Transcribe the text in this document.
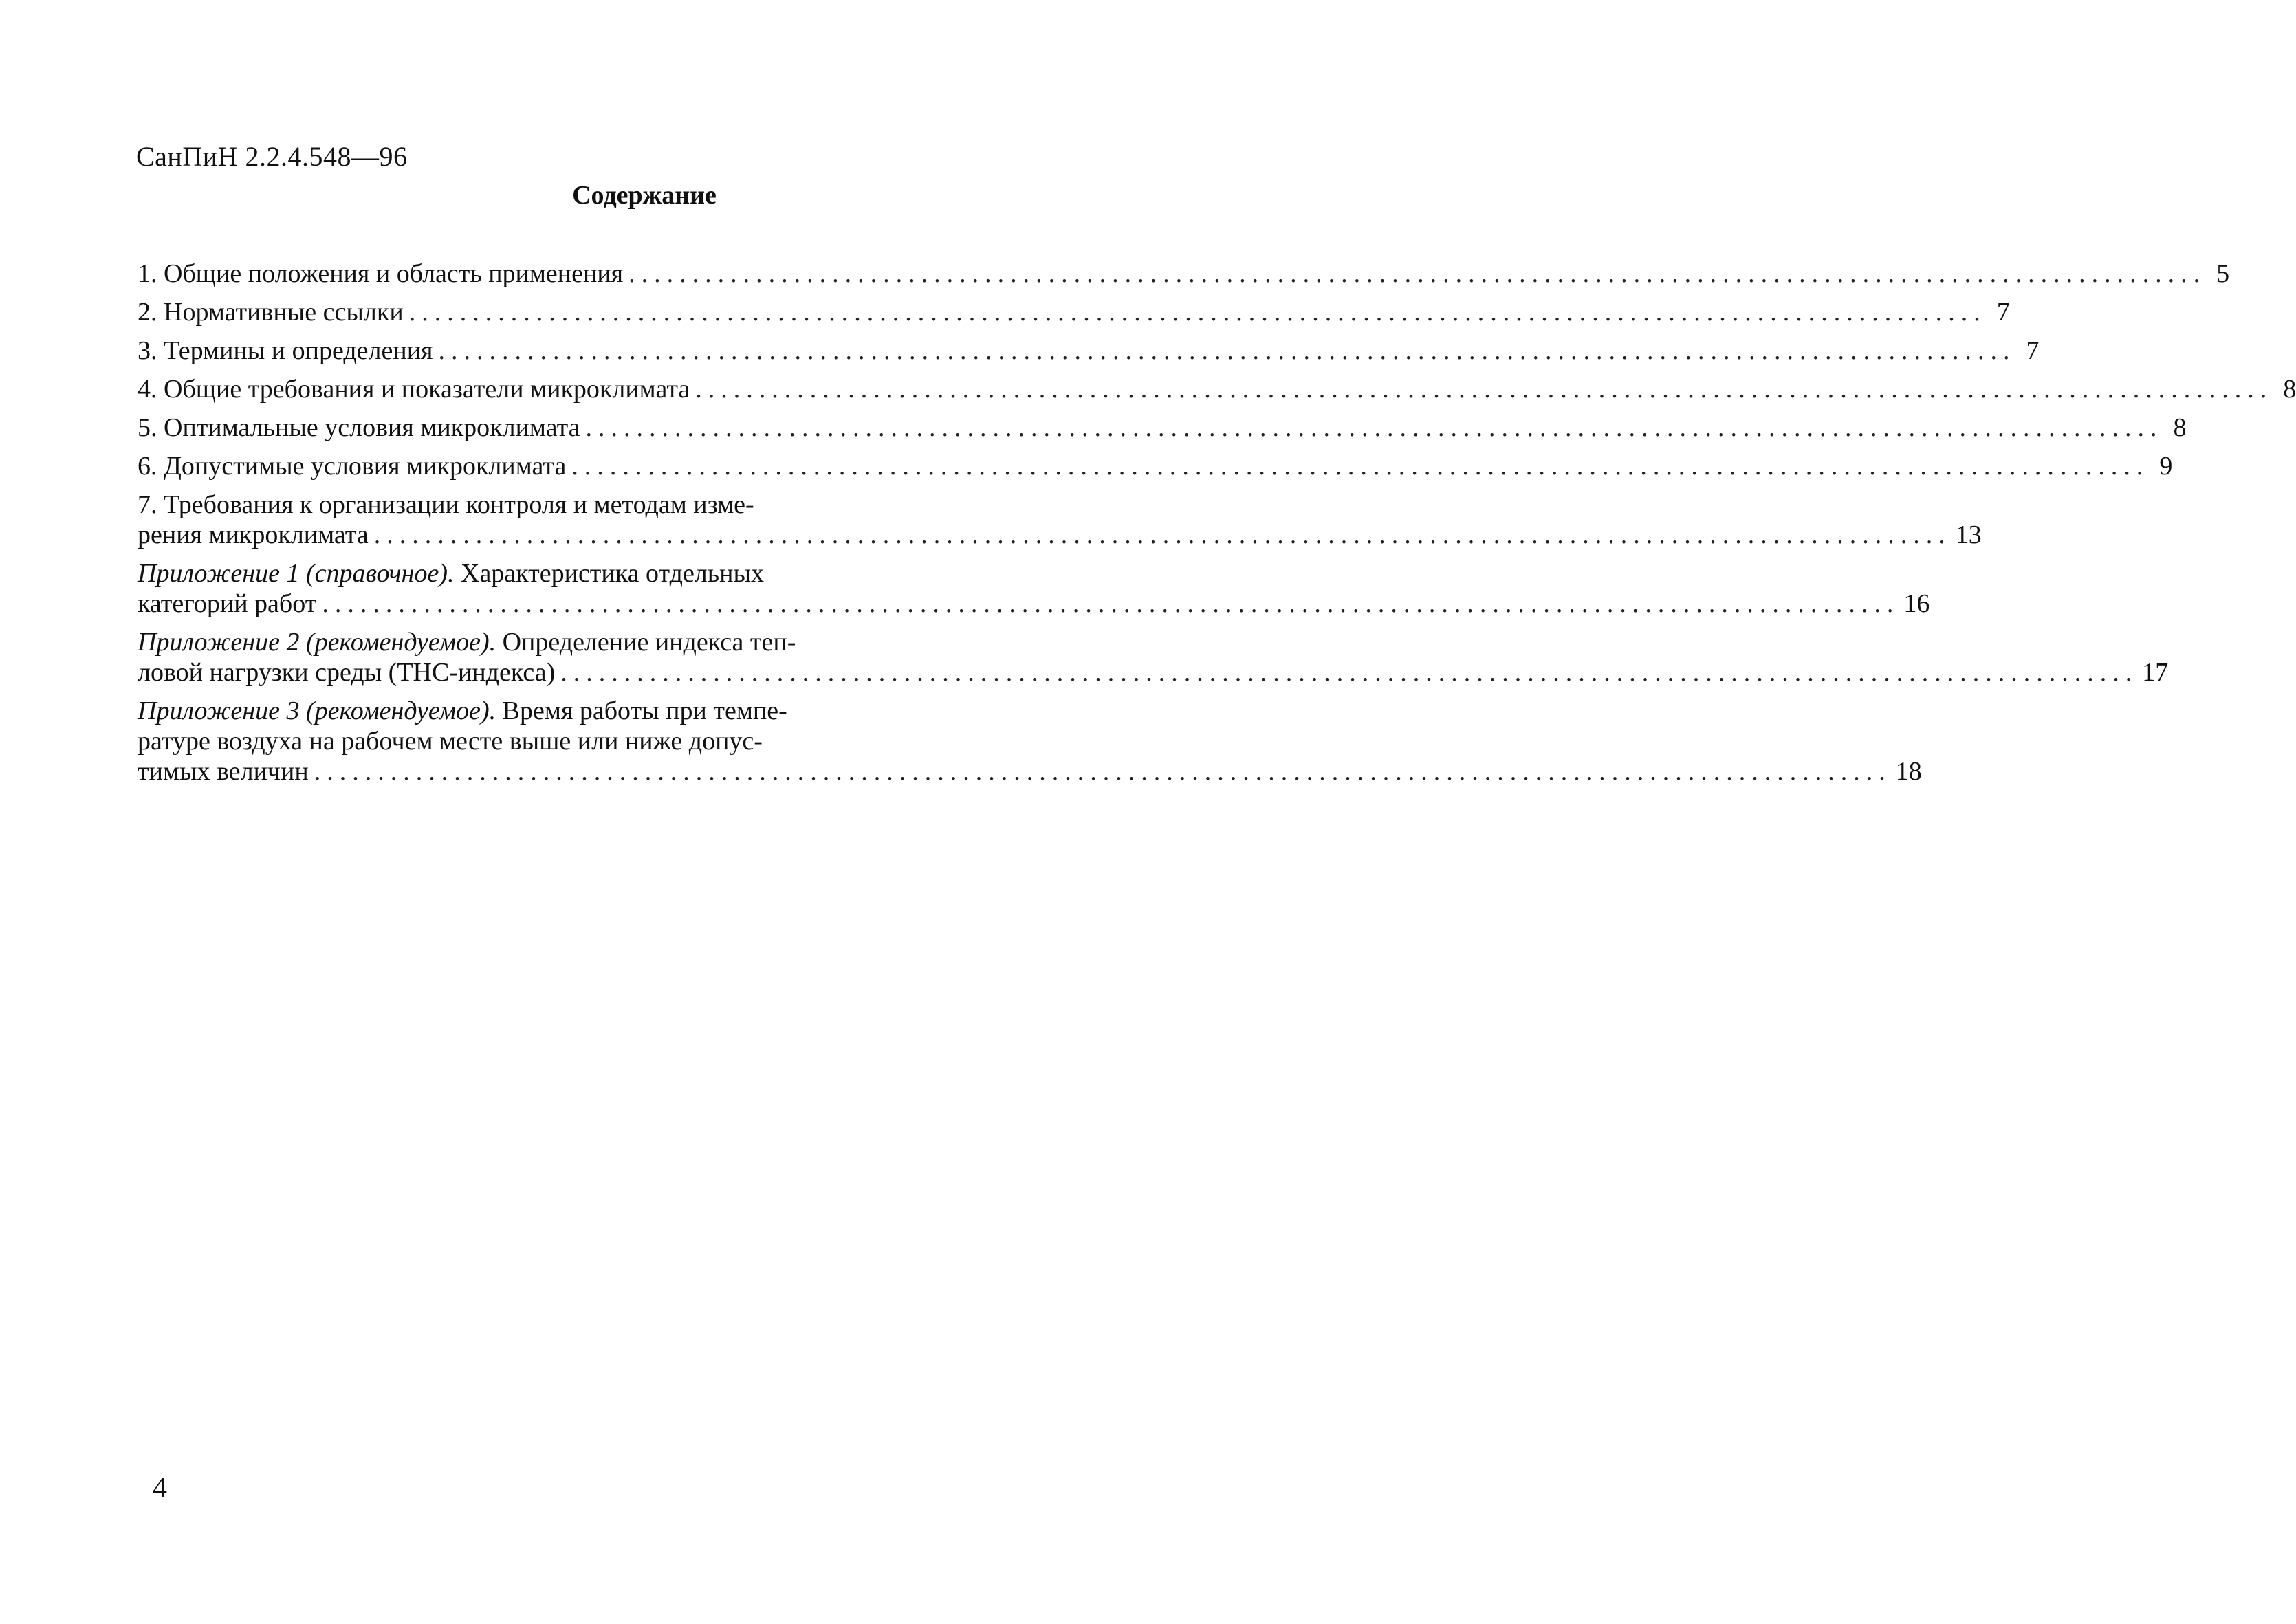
СанПиН 2.2.4.548—96
Содержание
1. Общие положения и область применения ............................................................................................................................ 5
2. Нормативные ссылки ............................................................................................................................ 7
3. Термины и определения ............................................................................................................................ 7
4. Общие требования и показатели микроклимата ............................................................................................................................ 8
5. Оптимальные условия микроклимата ............................................................................................................................ 8
6. Допустимые условия микроклимата ............................................................................................................................ 9
7. Требования к организации контроля и методам изме-
рения микроклимата ............................................................................................................................ 13
Приложение 1 (справочное). Характеристика отдельных
категорий работ ............................................................................................................................ 16
Приложение 2 (рекомендуемое). Определение индекса теп-
ловой нагрузки среды (ТНС-индекса) ............................................................................................................................ 17
Приложение 3 (рекомендуемое). Время работы при темпе-
ратуре воздуха на рабочем месте выше или ниже допус-
тимых величин ............................................................................................................................ 18
4
